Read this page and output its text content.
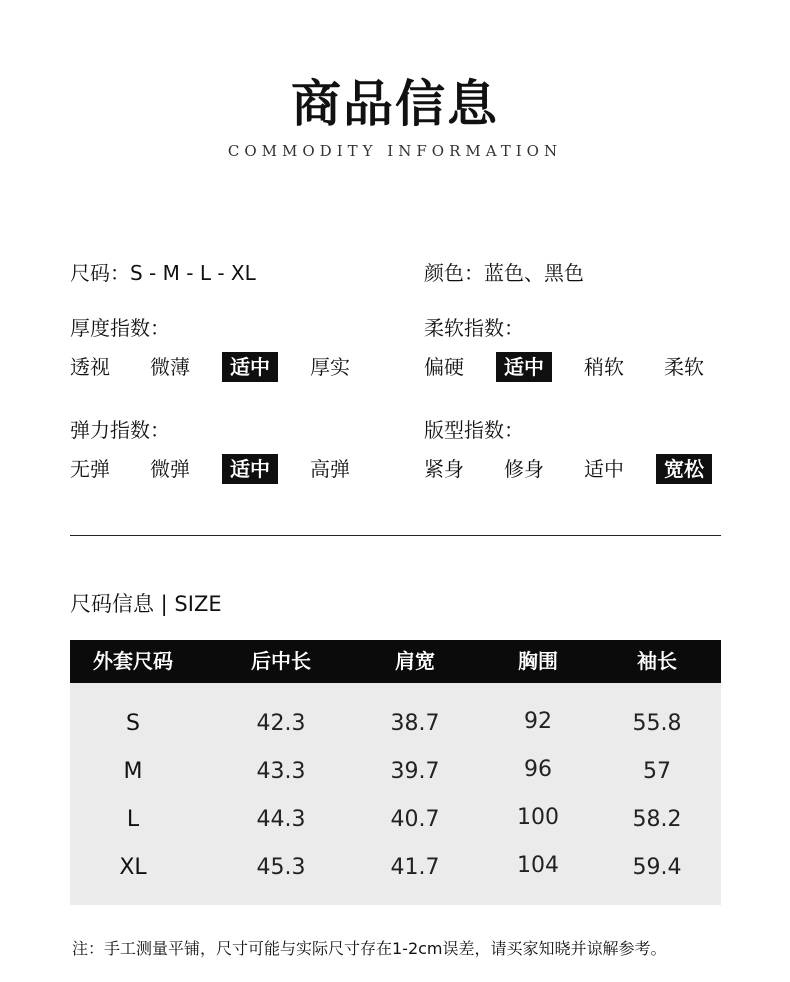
商品信息
COMMODITY INFORMATION
尺码：S - M - L - XL	颜色：蓝色、黑色
厚度指数：
透视	微薄	适中	厚实
柔软指数：
偏硬	适中	稍软	柔软
弹力指数：
无弹	微弹	适中	高弹
版型指数：
紧身	修身	适中	宽松
尺码信息 | SIZE
外套尺码	后中长	肩宽	胸围	袖长
S	42.3	38.7	92	55.8
M	43.3	39.7	96	57
L	44.3	40.7	100	58.2
XL	45.3	41.7	104	59.4
注：手工测量平铺，尺寸可能与实际尺寸存在1-2cm误差，请买家知晓并谅解参考。
